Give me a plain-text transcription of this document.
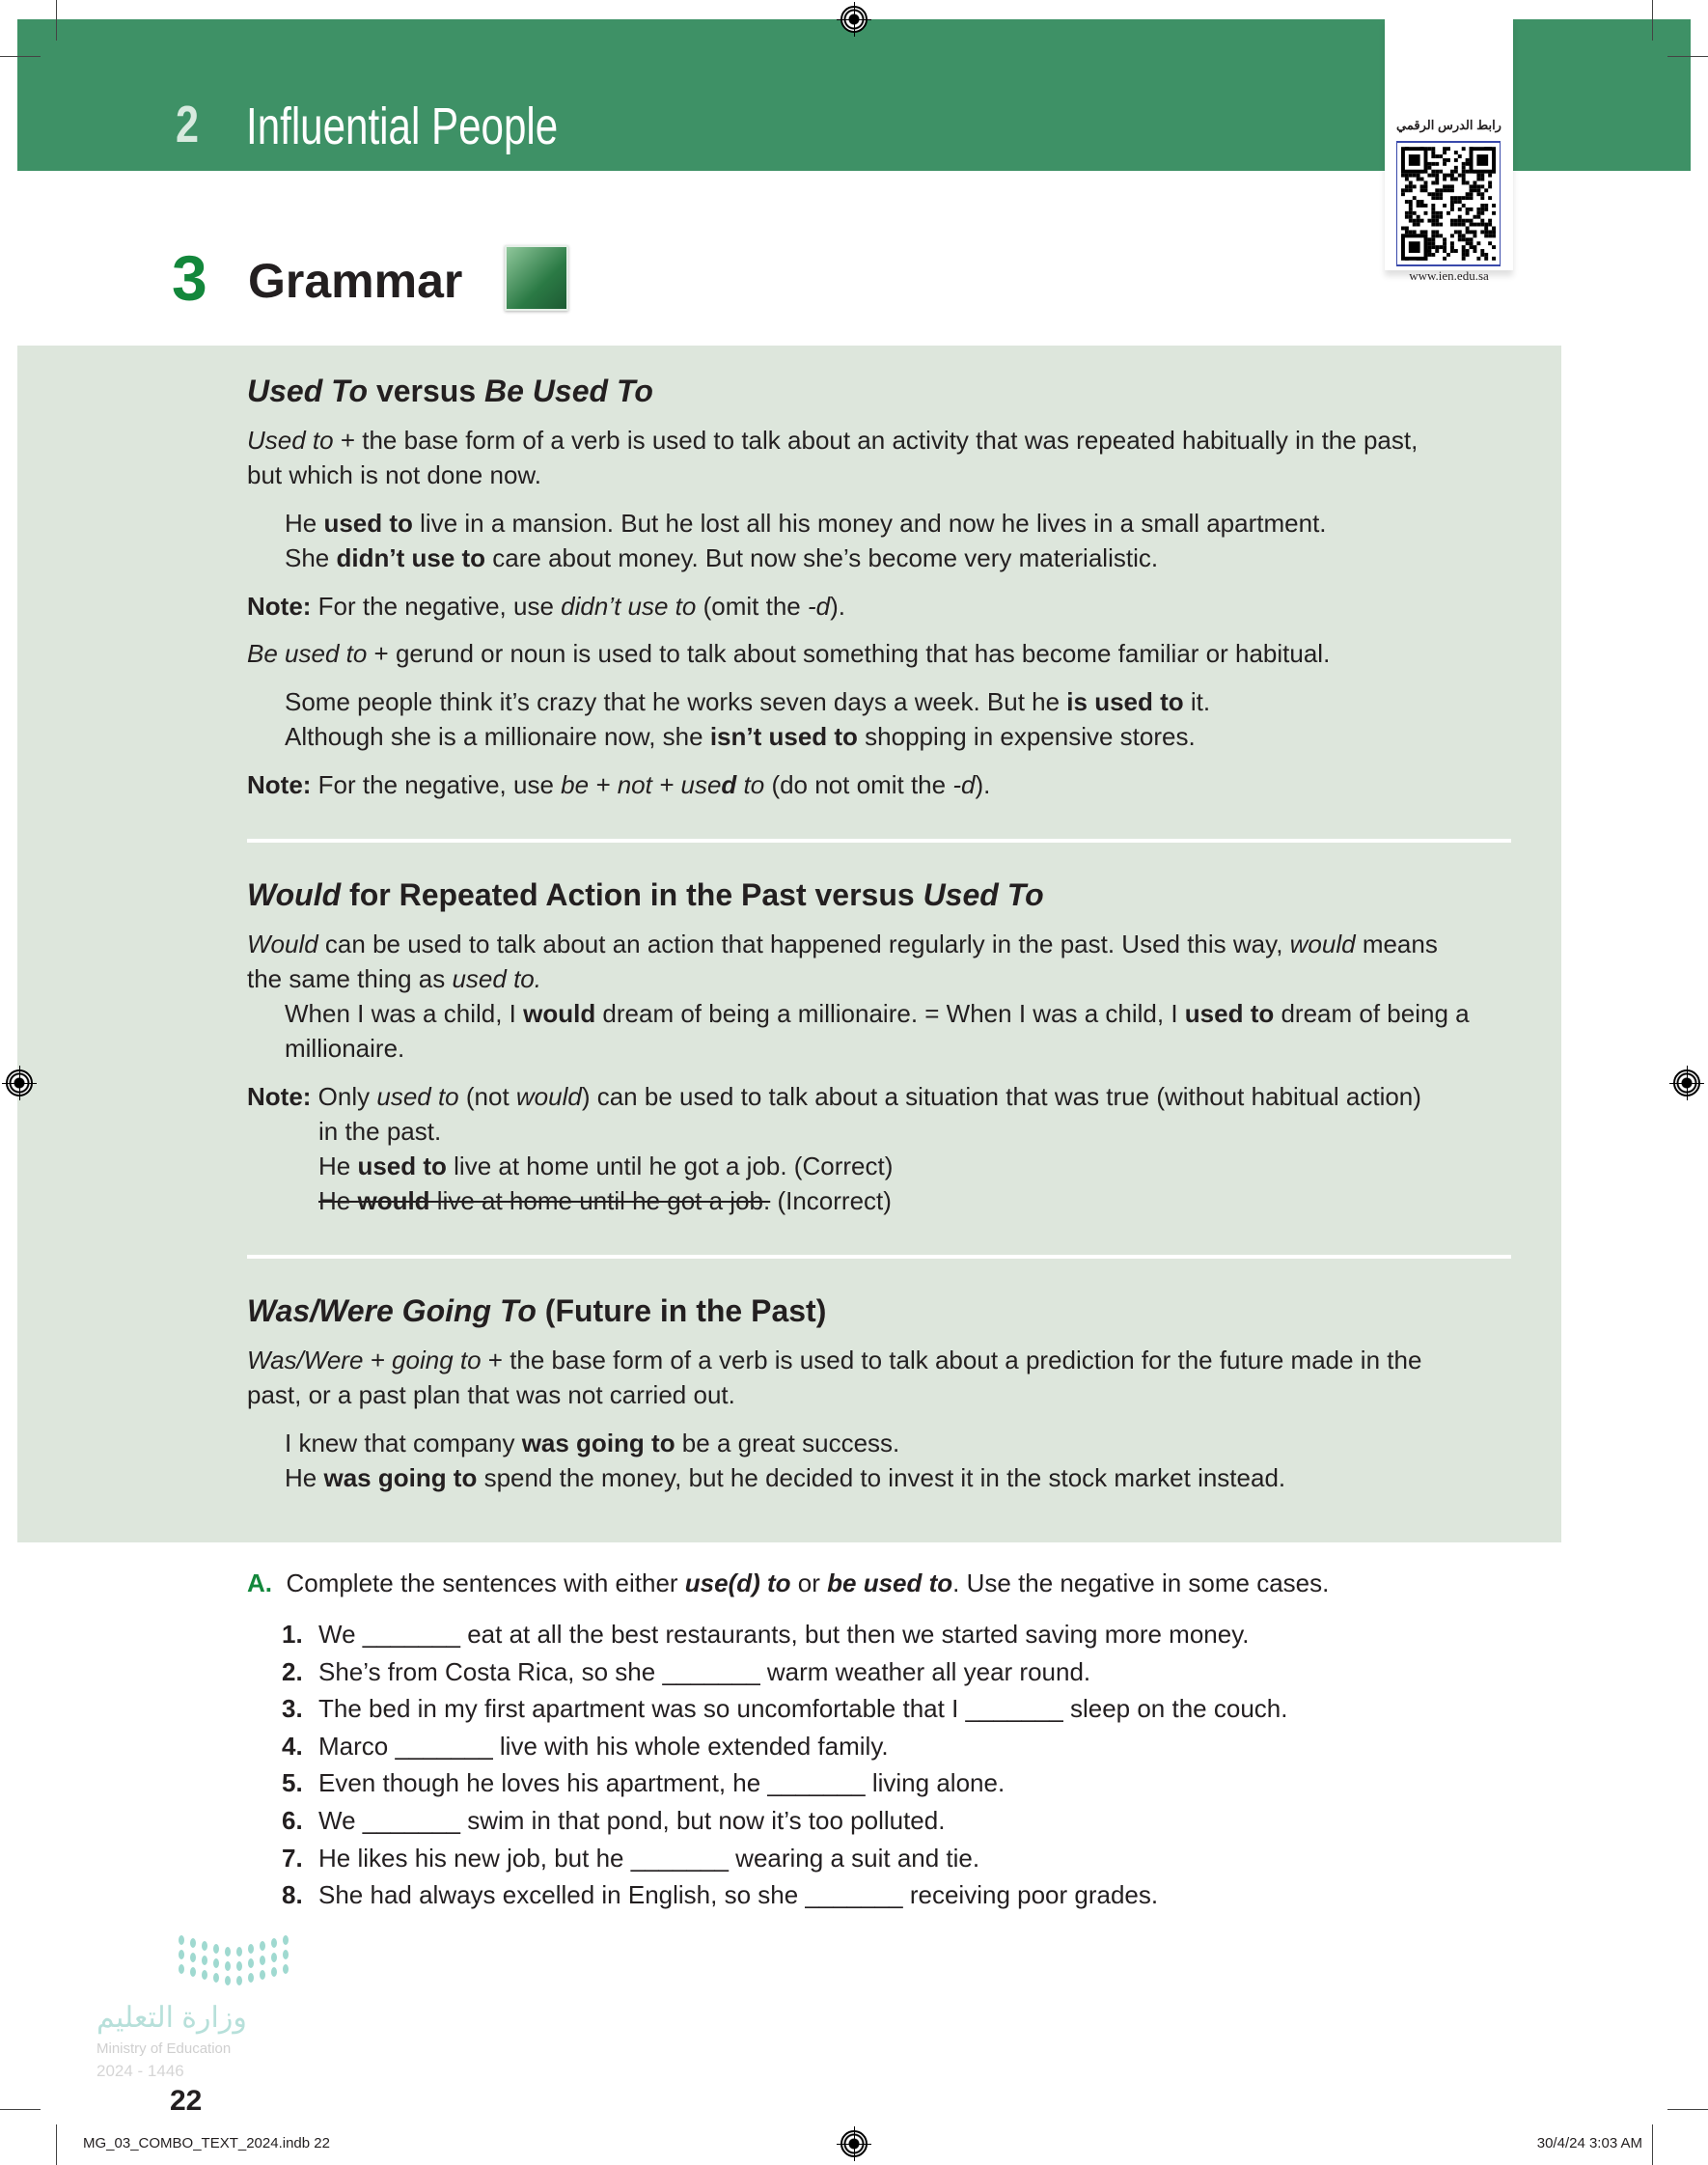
2 Influential People	رابط الدرس الرقمي
www.ien.edu.sa
3 Grammar
Used To versus Be Used To
Used to + the base form of a verb is used to talk about an activity that was repeated habitually in the past,
but which is not done now.
He used to live in a mansion. But he lost all his money and now he lives in a small apartment.
She didn’t use to care about money. But now she’s become very materialistic.
Note: For the negative, use didn’t use to (omit the -d).
Be used to + gerund or noun is used to talk about something that has become familiar or habitual.
Some people think it’s crazy that he works seven days a week. But he is used to it.
Although she is a millionaire now, she isn’t used to shopping in expensive stores.
Note: For the negative, use be + not + used to (do not omit the -d).
Would for Repeated Action in the Past versus Used To
Would can be used to talk about an action that happened regularly in the past. Used this way, would means
the same thing as used to.
When I was a child, I would dream of being a millionaire. = When I was a child, I used to dream of being a
millionaire.
Note: Only used to (not would) can be used to talk about a situation that was true (without habitual action)
in the past.
He used to live at home until he got a job. (Correct)
He would live at home until he got a job. (Incorrect)
Was/Were Going To (Future in the Past)
Was/Were + going to + the base form of a verb is used to talk about a prediction for the future made in the
past, or a past plan that was not carried out.
I knew that company was going to be a great success.
He was going to spend the money, but he decided to invest it in the stock market instead.
A. Complete the sentences with either use(d) to or be used to. Use the negative in some cases.
1. We _______ eat at all the best restaurants, but then we started saving more money.
2. She’s from Costa Rica, so she _______ warm weather all year round.
3. The bed in my first apartment was so uncomfortable that I _______ sleep on the couch.
4. Marco _______ live with his whole extended family.
5. Even though he loves his apartment, he _______ living alone.
6. We _______ swim in that pond, but now it’s too polluted.
7. He likes his new job, but he _______ wearing a suit and tie.
8. She had always excelled in English, so she _______ receiving poor grades.
وزارة التعليم
Ministry of Education
2024 - 1446
22
MG_03_COMBO_TEXT_2024.indb 22	30/4/24 3:03 AM
